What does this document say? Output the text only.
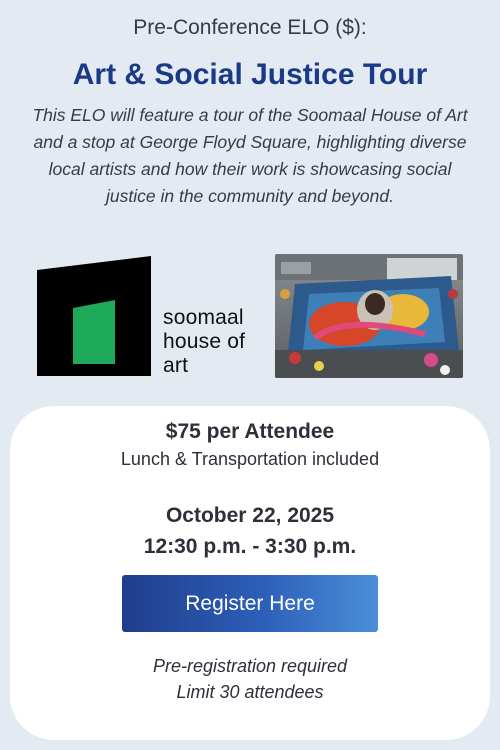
Pre-Conference ELO ($):
Art & Social Justice Tour
This ELO will feature a tour of the Soomaal House of Art and a stop at George Floyd Square, highlighting diverse local artists and how their work is showcasing social justice in the community and beyond.
soomaal
house of
art
$75 per Attendee
Lunch & Transportation included
October 22, 2025
12:30 p.m. - 3:30 p.m.
Register Here
Pre-registration required
Limit 30 attendees
